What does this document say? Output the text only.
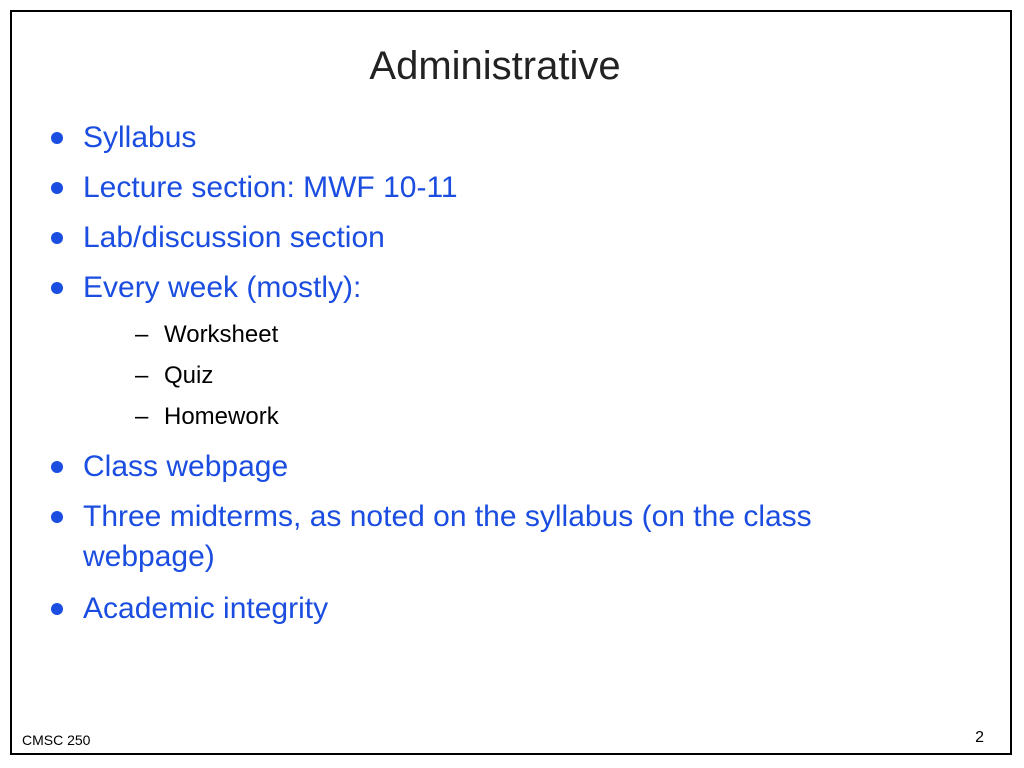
Administrative
Syllabus
Lecture section: MWF 10-11
Lab/discussion section
Every week (mostly):
– Worksheet
– Quiz
– Homework
Class webpage
Three midterms, as noted on the syllabus (on the class webpage)
Academic integrity
CMSC 250	2
